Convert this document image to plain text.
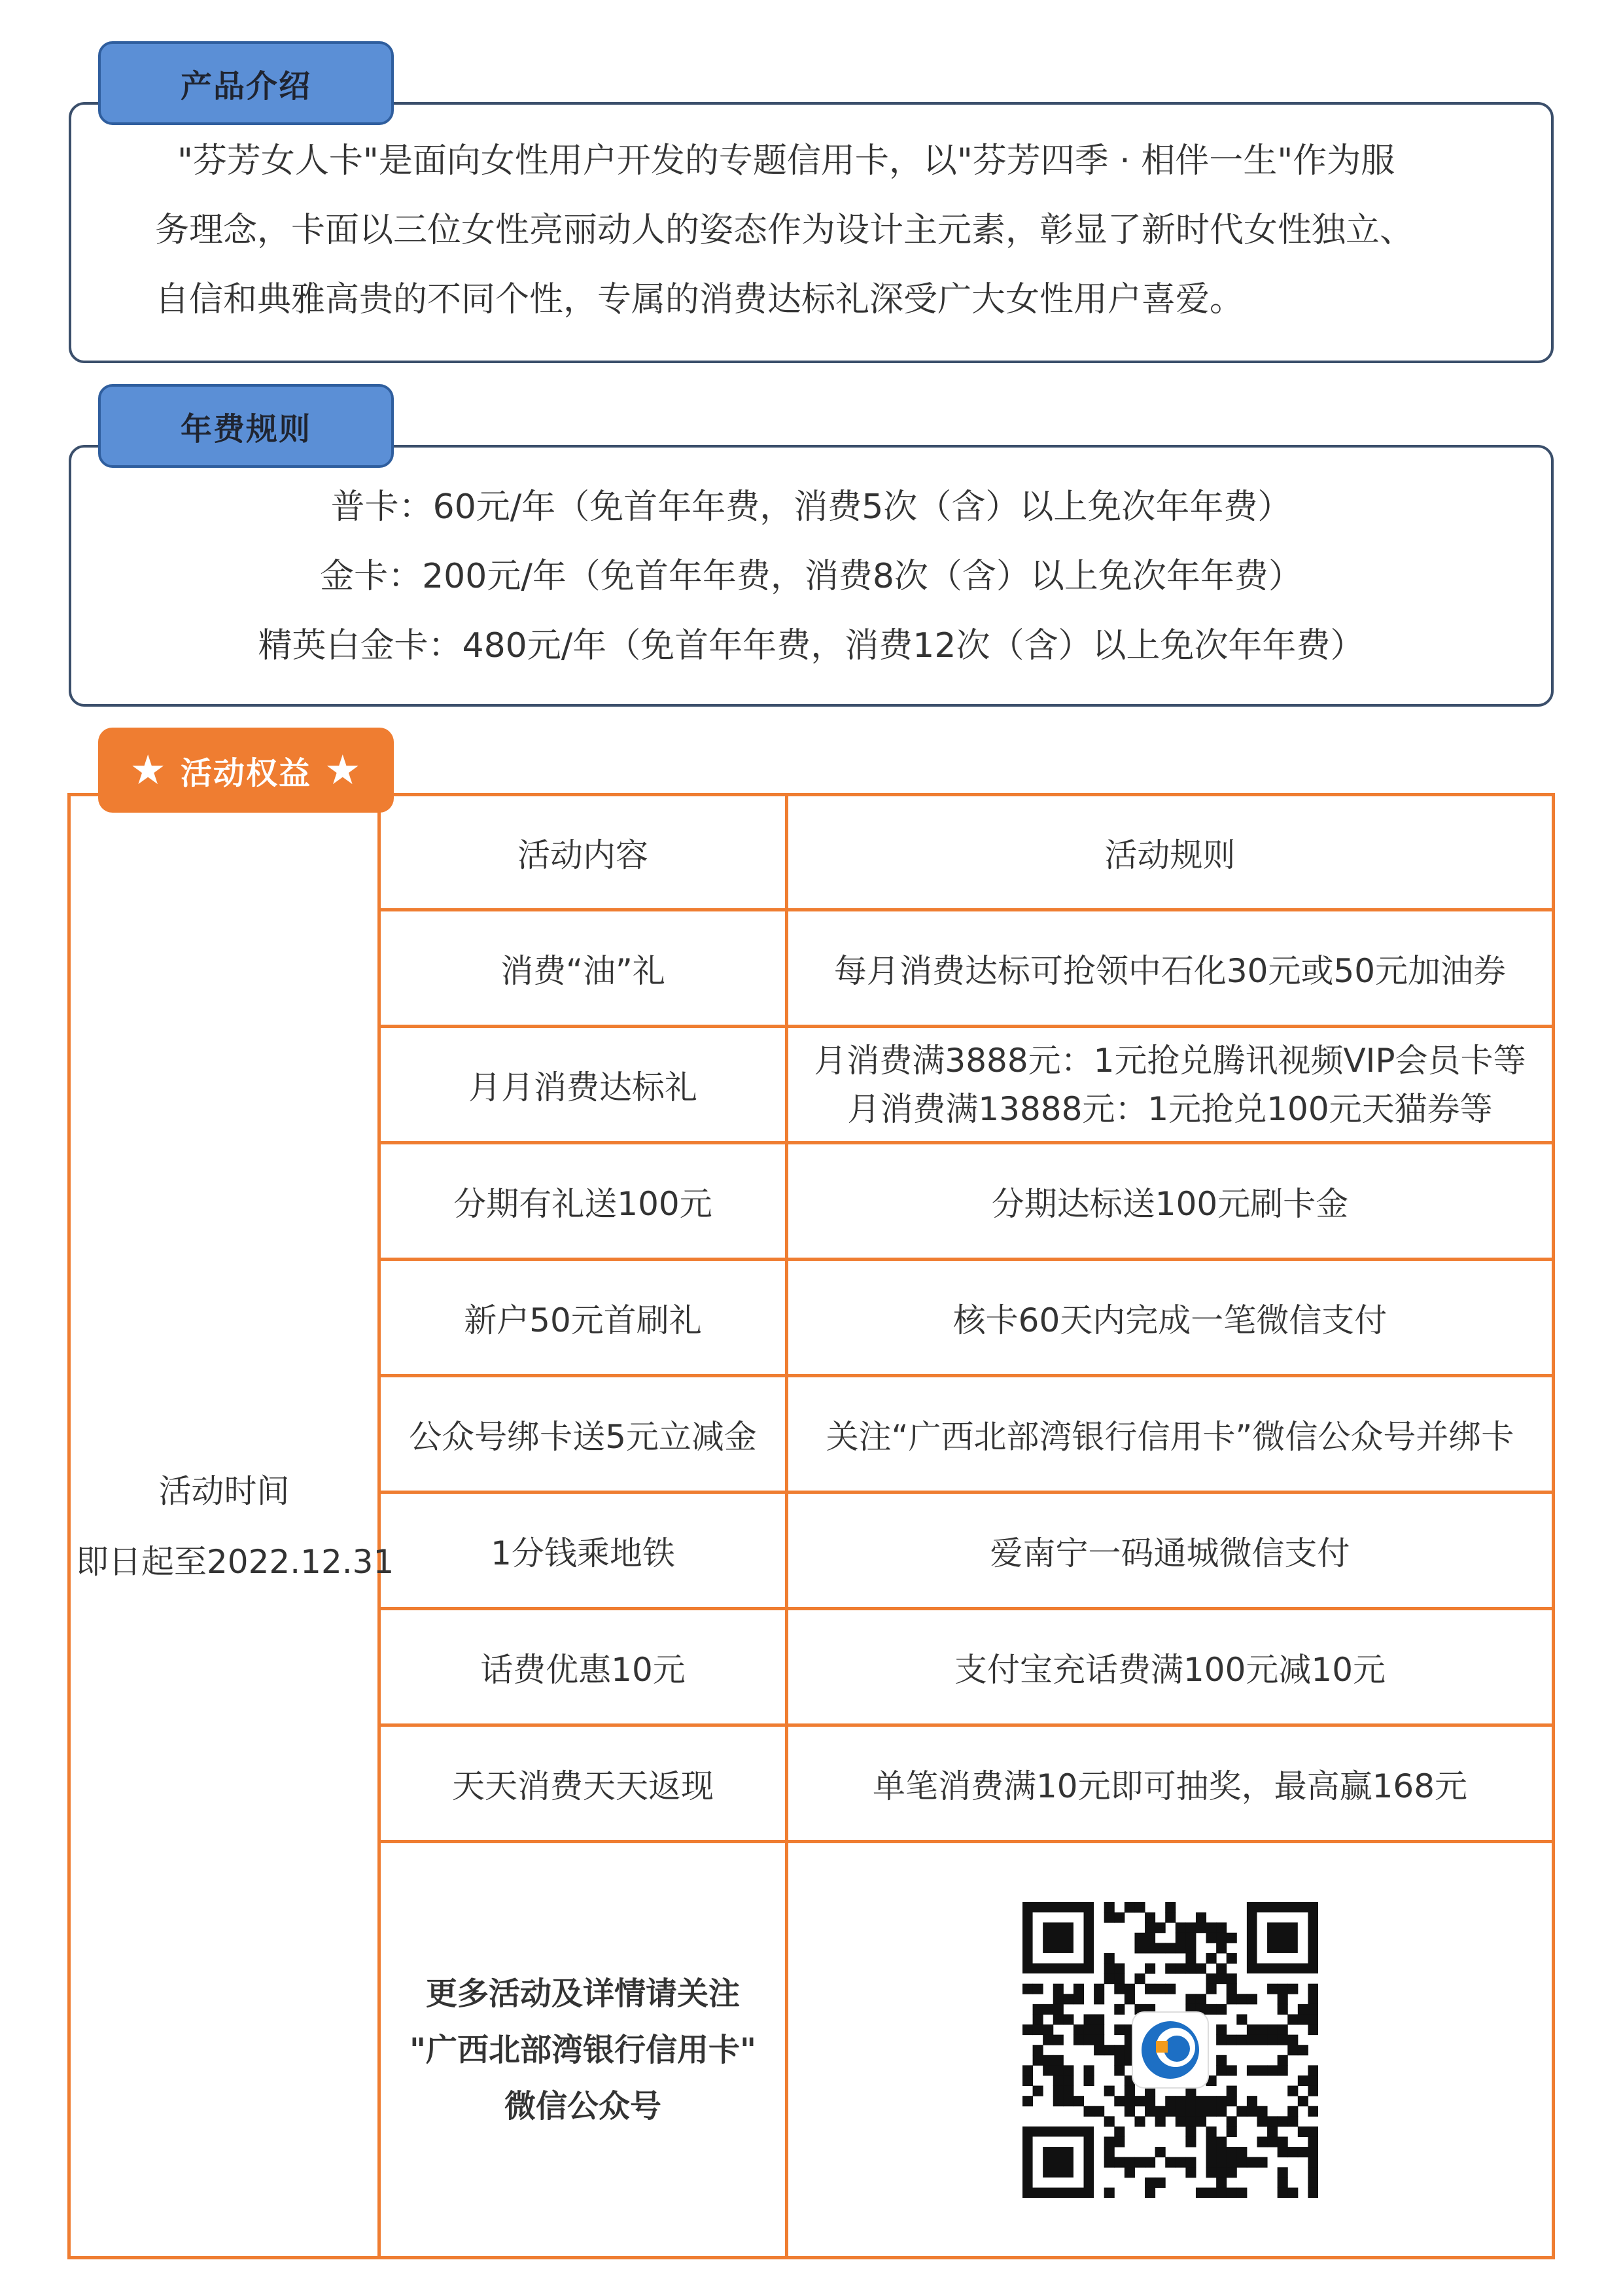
"芬芳女人卡"是面向女性用户开发的专题信用卡，以"芬芳四季 · 相伴一生"作为服

务理念，卡面以三位女性亮丽动人的姿态作为设计主元素，彰显了新时代女性独立、

自信和典雅高贵的不同个性，专属的消费达标礼深受广大女性用户喜爱。

产品介绍
普卡：60元/年（免首年年费，消费5次（含）以上免次年年费）
金卡：200元/年（免首年年费，消费8次（含）以上免次年年费）
精英白金卡：480元/年（免首年年费，消费12次（含）以上免次年年费）
年费规则
活动时间
即日起至2022.12.31	活动内容	活动规则
	消费“油”礼	每月消费达标可抢领中石化30元或50元加油券
	月月消费达标礼	月消费满3888元：1元抢兑腾讯视频VIP会员卡等
月消费满13888元：1元抢兑100元天猫券等

	分期有礼送100元	分期达标送100元刷卡金
	新户50元首刷礼	核卡60天内完成一笔微信支付
	公众号绑卡送5元立减金	关注“广西北部湾银行信用卡”微信公众号并绑卡
	1分钱乘地铁	爱南宁一码通城微信支付
	话费优惠10元	支付宝充话费满100元减10元
	天天消费天天返现	单笔消费满10元即可抽奖，最高赢168元

	更多活动及详情请关注
"广西北部湾银行信用卡"
微信公众号

★ 活动权益 ★
